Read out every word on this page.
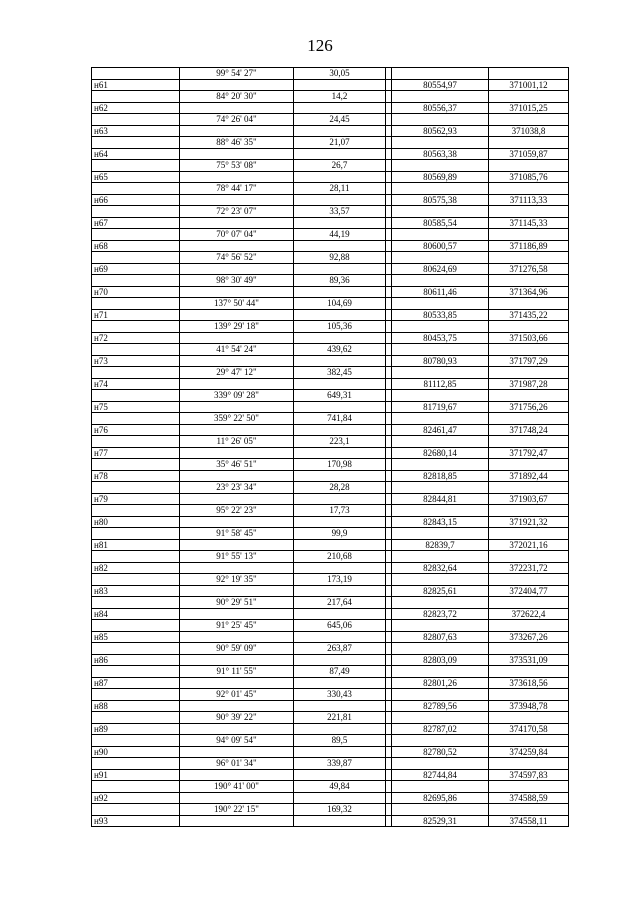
126
	99° 54' 27"	30,05			
н61				80554,97	371001,12
	84° 20' 30"	14,2			
н62				80556,37	371015,25
	74° 26' 04"	24,45			
н63				80562,93	371038,8
	88° 46' 35"	21,07			
н64				80563,38	371059,87
	75° 53' 08"	26,7			
н65				80569,89	371085,76
	78° 44' 17"	28,11			
н66				80575,38	371113,33
	72° 23' 07"	33,57			
н67				80585,54	371145,33
	70° 07' 04"	44,19			
н68				80600,57	371186,89
	74° 56' 52"	92,88			
н69				80624,69	371276,58
	98° 30' 49"	89,36			
н70				80611,46	371364,96
	137° 50' 44"	104,69			
н71				80533,85	371435,22
	139° 29' 18"	105,36			
н72				80453,75	371503,66
	41° 54' 24"	439,62			
н73				80780,93	371797,29
	29° 47' 12"	382,45			
н74				81112,85	371987,28
	339° 09' 28"	649,31			
н75				81719,67	371756,26
	359° 22' 50"	741,84			
н76				82461,47	371748,24
	11° 26' 05"	223,1			
н77				82680,14	371792,47
	35° 46' 51"	170,98			
н78				82818,85	371892,44
	23° 23' 34"	28,28			
н79				82844,81	371903,67
	95° 22' 23"	17,73			
н80				82843,15	371921,32
	91° 58' 45"	99,9			
н81				82839,7	372021,16
	91° 55' 13"	210,68			
н82				82832,64	372231,72
	92° 19' 35"	173,19			
н83				82825,61	372404,77
	90° 29' 51"	217,64			
н84				82823,72	372622,4
	91° 25' 45"	645,06			
н85				82807,63	373267,26
	90° 59' 09"	263,87			
н86				82803,09	373531,09
	91° 11' 55"	87,49			
н87				82801,26	373618,56
	92° 01' 45"	330,43			
н88				82789,56	373948,78
	90° 39' 22"	221,81			
н89				82787,02	374170,58
	94° 09' 54"	89,5			
н90				82780,52	374259,84
	96° 01' 34"	339,87			
н91				82744,84	374597,83
	190° 41' 00"	49,84			
н92				82695,86	374588,59
	190° 22' 15"	169,32			
н93				82529,31	374558,11
